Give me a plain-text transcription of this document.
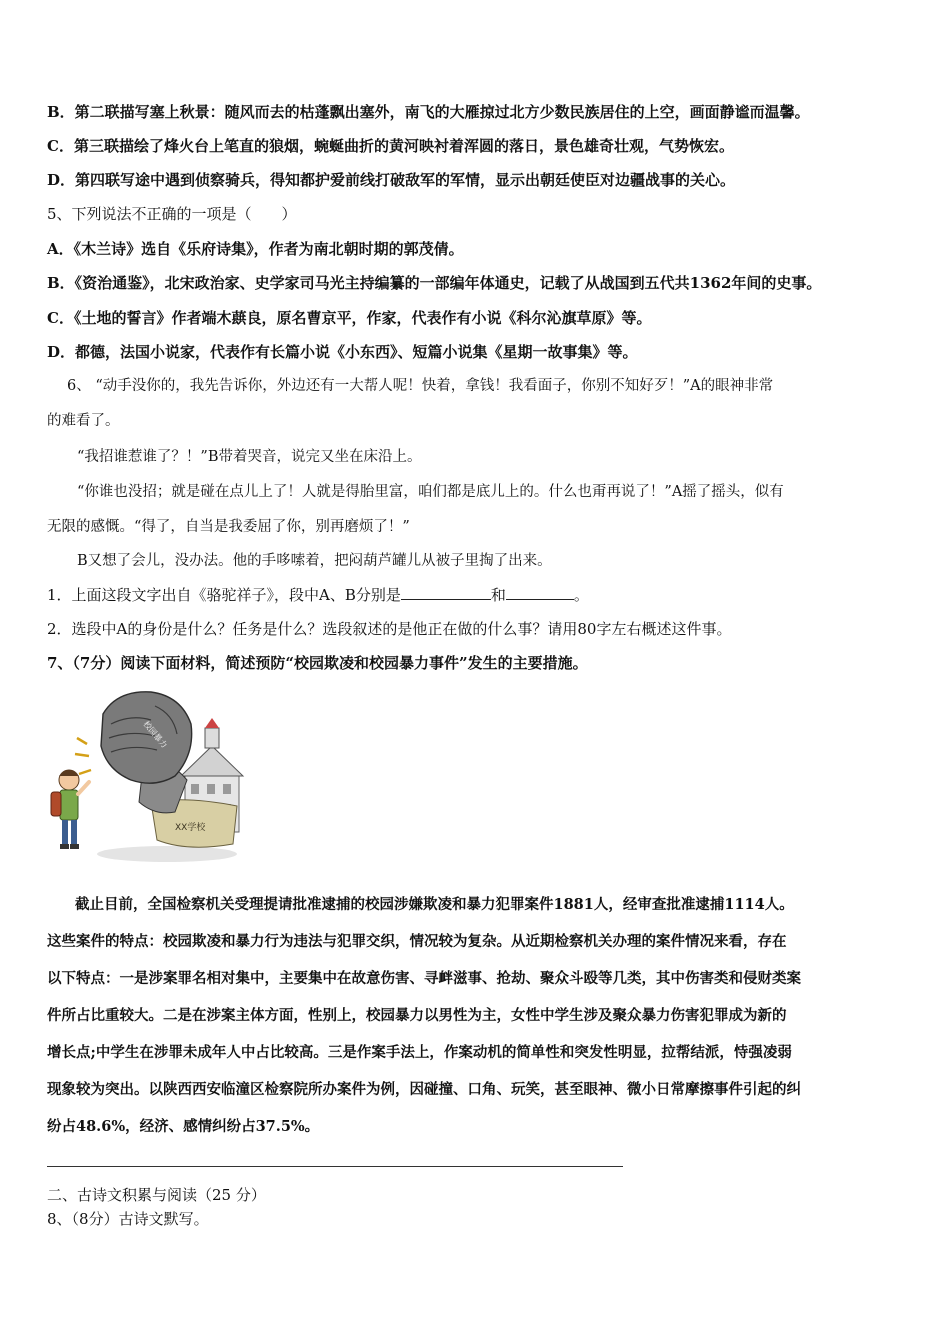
B．第二联描写塞上秋景：随风而去的枯蓬飘出塞外，南飞的大雁掠过北方少数民族居住的上空，画面静谧而温馨。
C．第三联描绘了烽火台上笔直的狼烟，蜿蜒曲折的黄河映衬着浑圆的落日，景色雄奇壮观，气势恢宏。
D．第四联写途中遇到侦察骑兵，得知都护爱前线打破敌军的军情，显示出朝廷使臣对边疆战事的关心。
5、下列说法不正确的一项是（　　）
A．《木兰诗》选自《乐府诗集》，作者为南北朝时期的郭茂倩。
B．《资治通鉴》，北宋政治家、史学家司马光主持编纂的一部编年体通史，记载了从战国到五代共1362年间的史事。
C．《土地的誓言》作者端木蕻良，原名曹京平，作家，代表作有小说《科尔沁旗草原》等。
D．都德，法国小说家，代表作有长篇小说《小东西》、短篇小说集《星期一故事集》等。
6、 “动手没你的，我先告诉你，外边还有一大帮人呢！快着，拿钱！我看面子，你别不知好歹！”A的眼神非常
的难看了。
“我招谁惹谁了？！”B带着哭音，说完又坐在床沿上。
“你谁也没招；就是碰在点儿上了！人就是得胎里富，咱们都是底儿上的。什么也甭再说了！”A摇了摇头，似有
无限的感慨。“得了，自当是我委屈了你，别再磨烦了！”
B又想了会儿，没办法。他的手哆嗦着，把闷葫芦罐儿从被子里掏了出来。
1．上面这段文字出自《骆驼祥子》，段中A、B分别是	和	。
2．选段中A的身份是什么？任务是什么？选段叙述的是他正在做的什么事？请用80字左右概述这件事。
7、（7分）阅读下面材料，简述预防“校园欺凌和校园暴力事件”发生的主要措施。
XX学校
校园暴力
截止目前，全国检察机关受理提请批准逮捕的校园涉嫌欺凌和暴力犯罪案件1881人，经审查批准逮捕1114人。
这些案件的特点：校园欺凌和暴力行为违法与犯罪交织，情况较为复杂。从近期检察机关办理的案件情况来看，存在
以下特点：一是涉案罪名相对集中，主要集中在故意伤害、寻衅滋事、抢劫、聚众斗殴等几类，其中伤害类和侵财类案
件所占比重较大。二是在涉案主体方面，性别上，校园暴力以男性为主，女性中学生涉及聚众暴力伤害犯罪成为新的
增长点;中学生在涉罪未成年人中占比较高。三是作案手法上，作案动机的简单性和突发性明显，拉帮结派，恃强凌弱
现象较为突出。以陕西西安临潼区检察院所办案件为例，因碰撞、口角、玩笑，甚至眼神、微小日常摩擦事件引起的纠
纷占48.6%，经济、感情纠纷占37.5%。
二、古诗文积累与阅读（25 分）
8、（8分）古诗文默写。
